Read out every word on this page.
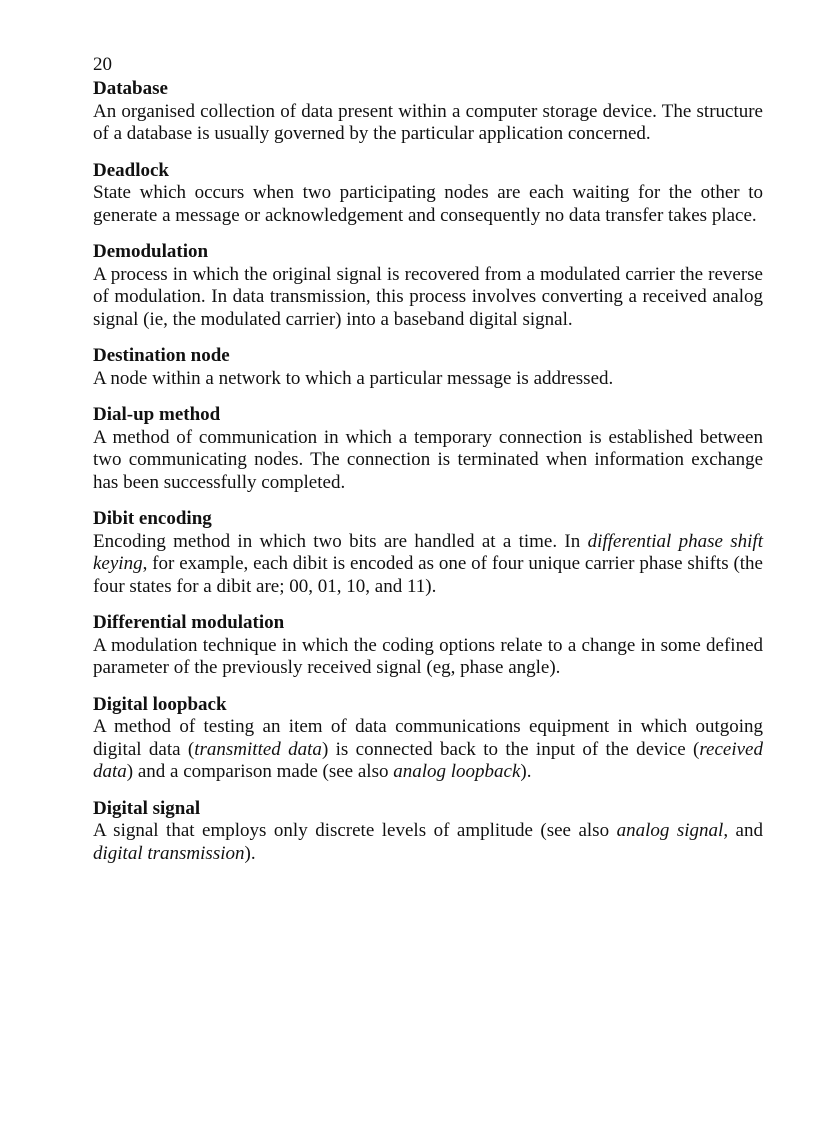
20
Database

An organised collection of data present within a computer storage device. The structure of a database is usually governed by the particular application concerned.

Deadlock

State which occurs when two participating nodes are each waiting for the other to generate a message or acknowledgement and consequently no data transfer takes place.

Demodulation

A process in which the original signal is recovered from a modulated carrier the reverse of modulation. In data transmission, this process involves converting a received analog signal (ie, the modulated carrier) into a baseband digital signal.

Destination node

A node within a network to which a particular message is addressed.

Dial-up method

A method of communication in which a temporary connection is established between two communicating nodes. The connection is terminated when information exchange has been successfully completed.

Dibit encoding

Encoding method in which two bits are handled at a time. In differential phase shift keying, for example, each dibit is encoded as one of four unique carrier phase shifts (the four states for a dibit are; 00, 01, 10, and 11).

Differential modulation

A modulation technique in which the coding options relate to a change in some defined parameter of the previously received signal (eg, phase angle).

Digital loopback

A method of testing an item of data communications equipment in which outgoing digital data (transmitted data) is connected back to the input of the device (received data) and a comparison made (see also analog loopback).

Digital signal

A signal that employs only discrete levels of amplitude (see also analog signal, and digital transmission).
